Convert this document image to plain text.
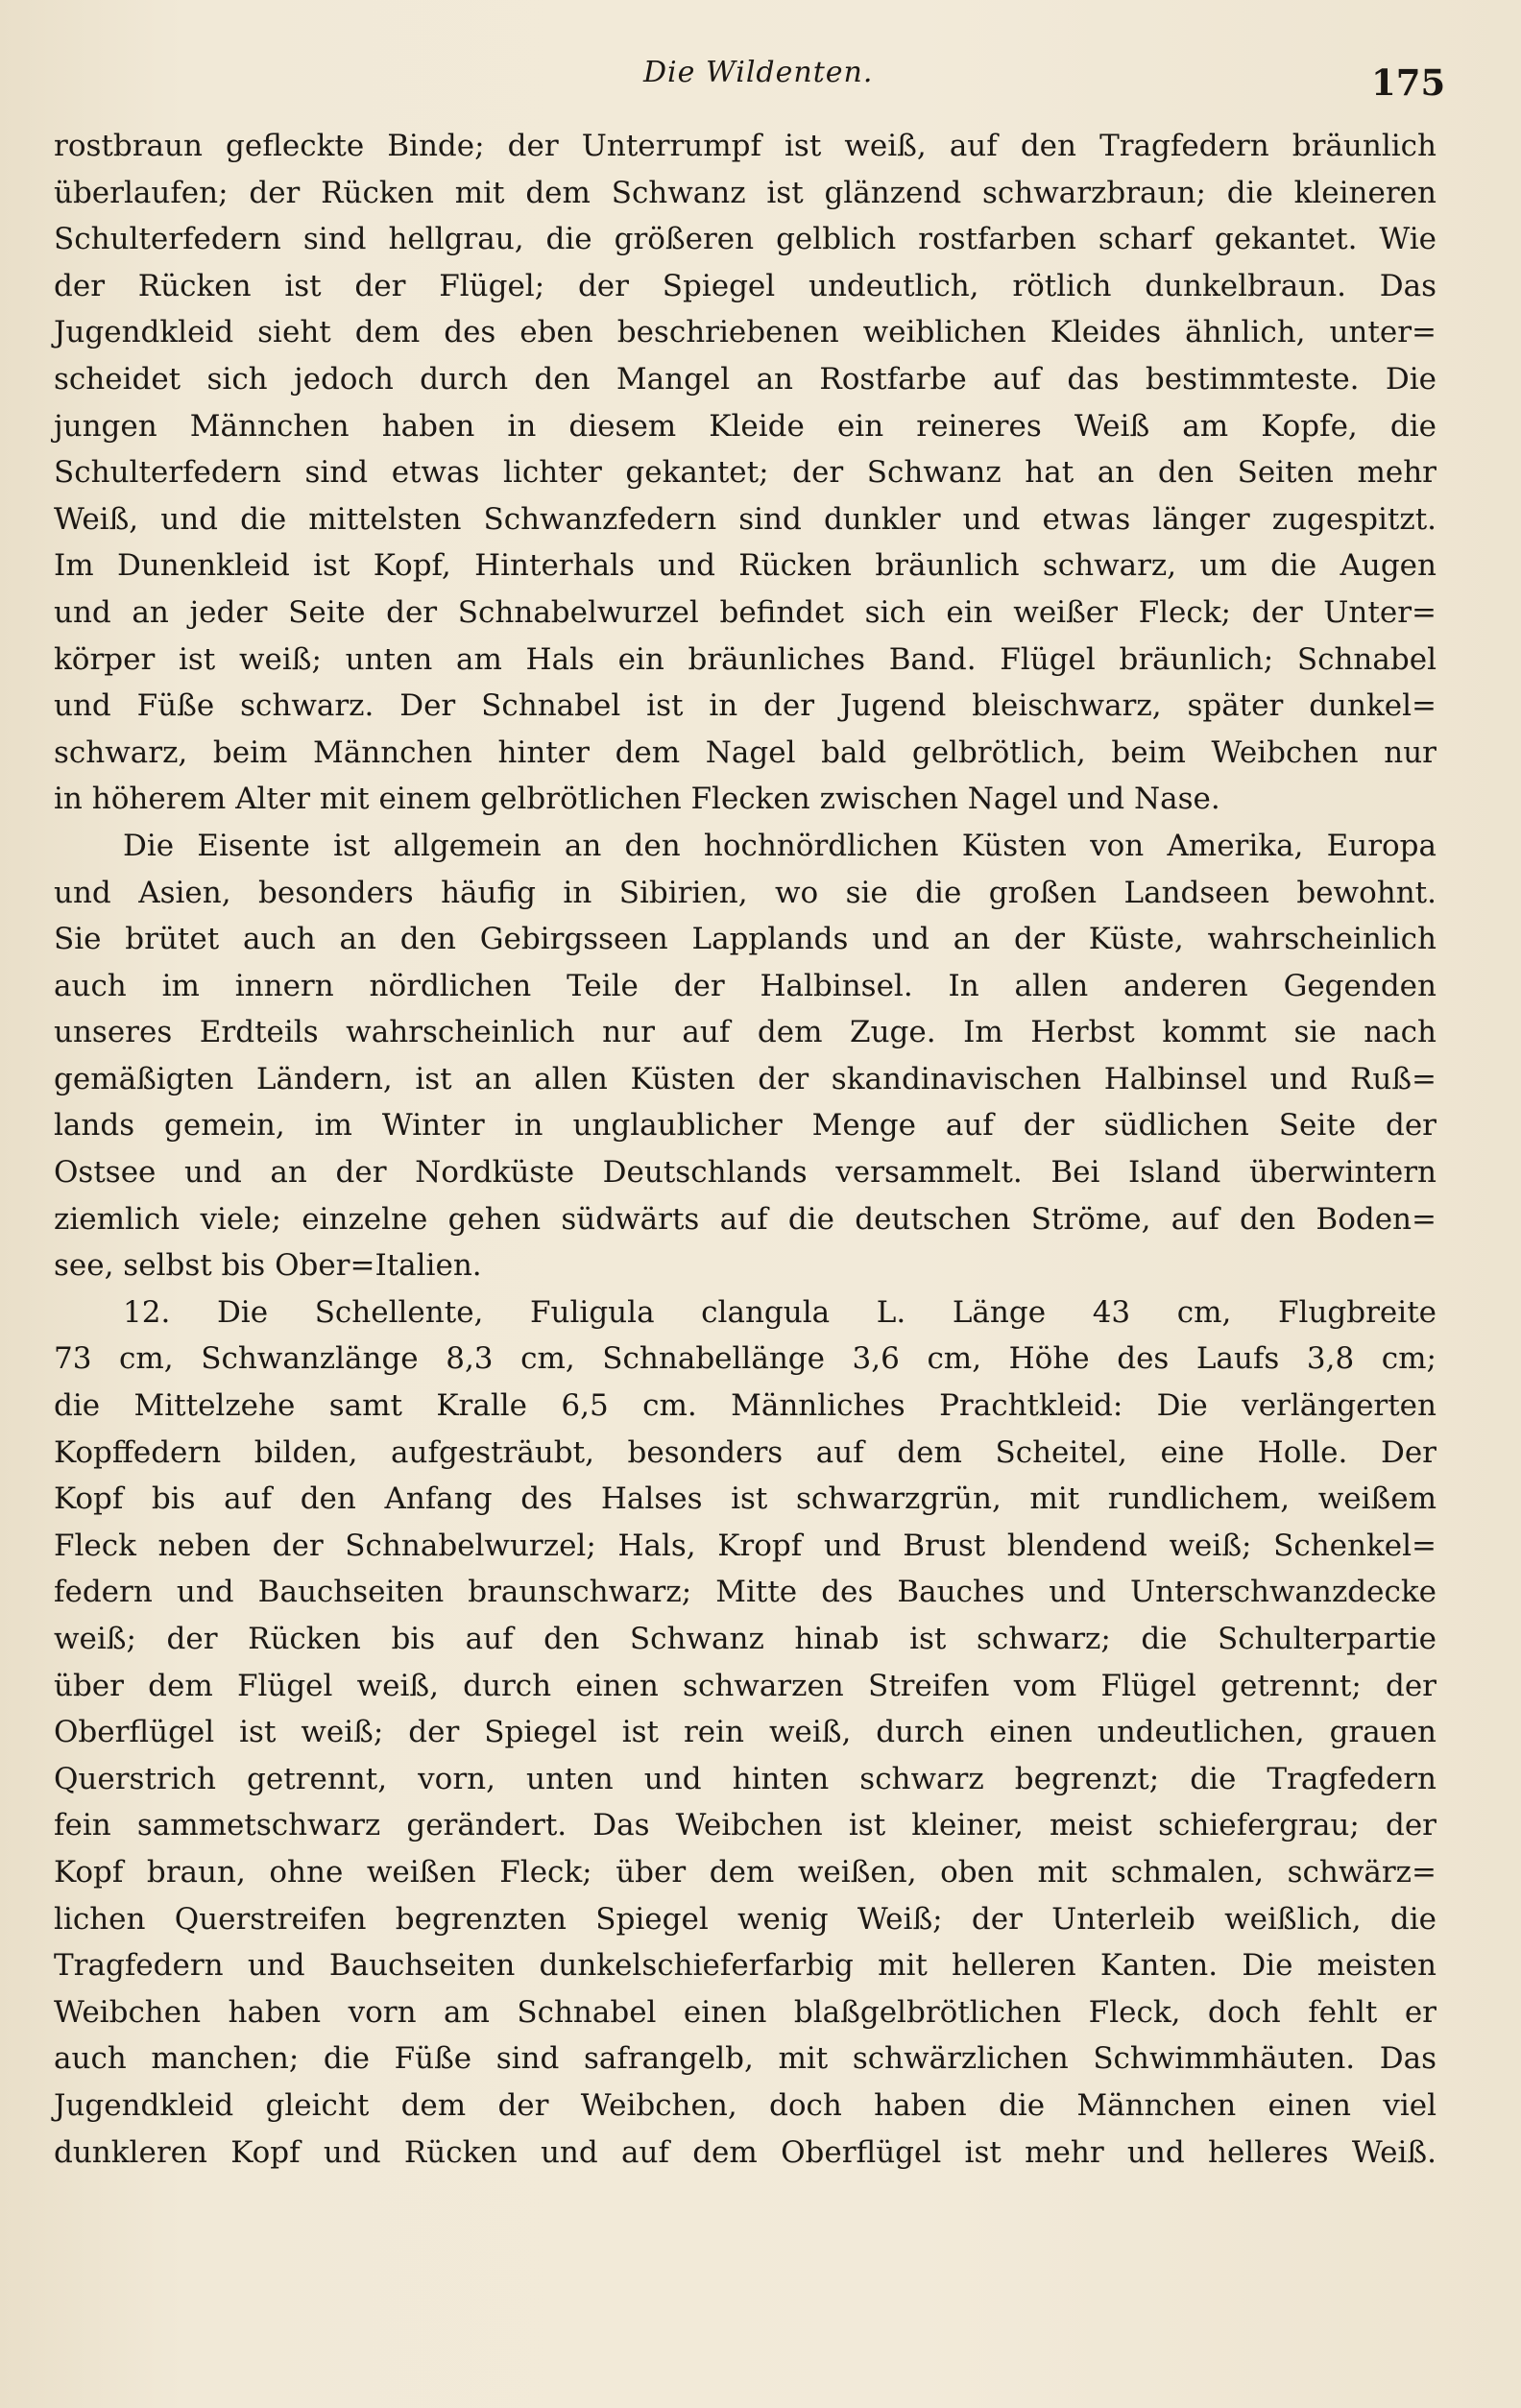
Die Wildenten.	175
rostbraun gefleckte Binde; der Unterrumpf ist weiß, auf den Tragfedern bräunlich
überlaufen; der Rücken mit dem Schwanz ist glänzend schwarzbraun; die kleineren
Schulterfedern sind hellgrau, die größeren gelblich rostfarben scharf gekantet. Wie
der Rücken ist der Flügel; der Spiegel undeutlich, rötlich dunkelbraun. Das
Jugendkleid sieht dem des eben beschriebenen weiblichen Kleides ähnlich, unter=
scheidet sich jedoch durch den Mangel an Rostfarbe auf das bestimmteste. Die
jungen Männchen haben in diesem Kleide ein reineres Weiß am Kopfe, die
Schulterfedern sind etwas lichter gekantet; der Schwanz hat an den Seiten mehr
Weiß, und die mittelsten Schwanzfedern sind dunkler und etwas länger zugespitzt.
Im Dunenkleid ist Kopf, Hinterhals und Rücken bräunlich schwarz, um die Augen
und an jeder Seite der Schnabelwurzel befindet sich ein weißer Fleck; der Unter=
körper ist weiß; unten am Hals ein bräunliches Band. Flügel bräunlich; Schnabel
und Füße schwarz. Der Schnabel ist in der Jugend bleischwarz, später dunkel=
schwarz, beim Männchen hinter dem Nagel bald gelbrötlich, beim Weibchen nur
in höherem Alter mit einem gelbrötlichen Flecken zwischen Nagel und Nase.
Die Eisente ist allgemein an den hochnördlichen Küsten von Amerika, Europa
und Asien, besonders häufig in Sibirien, wo sie die großen Landseen bewohnt.
Sie brütet auch an den Gebirgsseen Lapplands und an der Küste, wahrscheinlich
auch im innern nördlichen Teile der Halbinsel. In allen anderen Gegenden
unseres Erdteils wahrscheinlich nur auf dem Zuge. Im Herbst kommt sie nach
gemäßigten Ländern, ist an allen Küsten der skandinavischen Halbinsel und Ruß=
lands gemein, im Winter in unglaublicher Menge auf der südlichen Seite der
Ostsee und an der Nordküste Deutschlands versammelt. Bei Island überwintern
ziemlich viele; einzelne gehen südwärts auf die deutschen Ströme, auf den Boden=
see, selbst bis Ober=Italien.
12. Die Schellente, Fuligula clangula L. Länge 43 cm, Flugbreite
73 cm, Schwanzlänge 8,3 cm, Schnabellänge 3,6 cm, Höhe des Laufs 3,8 cm;
die Mittelzehe samt Kralle 6,5 cm. Männliches Prachtkleid: Die verlängerten
Kopffedern bilden, aufgesträubt, besonders auf dem Scheitel, eine Holle. Der
Kopf bis auf den Anfang des Halses ist schwarzgrün, mit rundlichem, weißem
Fleck neben der Schnabelwurzel; Hals, Kropf und Brust blendend weiß; Schenkel=
federn und Bauchseiten braunschwarz; Mitte des Bauches und Unterschwanzdecke
weiß; der Rücken bis auf den Schwanz hinab ist schwarz; die Schulterpartie
über dem Flügel weiß, durch einen schwarzen Streifen vom Flügel getrennt; der
Oberflügel ist weiß; der Spiegel ist rein weiß, durch einen undeutlichen, grauen
Querstrich getrennt, vorn, unten und hinten schwarz begrenzt; die Tragfedern
fein sammetschwarz gerändert. Das Weibchen ist kleiner, meist schiefergrau; der
Kopf braun, ohne weißen Fleck; über dem weißen, oben mit schmalen, schwärz=
lichen Querstreifen begrenzten Spiegel wenig Weiß; der Unterleib weißlich, die
Tragfedern und Bauchseiten dunkelschieferfarbig mit helleren Kanten. Die meisten
Weibchen haben vorn am Schnabel einen blaßgelbrötlichen Fleck, doch fehlt er
auch manchen; die Füße sind safrangelb, mit schwärzlichen Schwimmhäuten. Das
Jugendkleid gleicht dem der Weibchen, doch haben die Männchen einen viel
dunkleren Kopf und Rücken und auf dem Oberflügel ist mehr und helleres Weiß.
